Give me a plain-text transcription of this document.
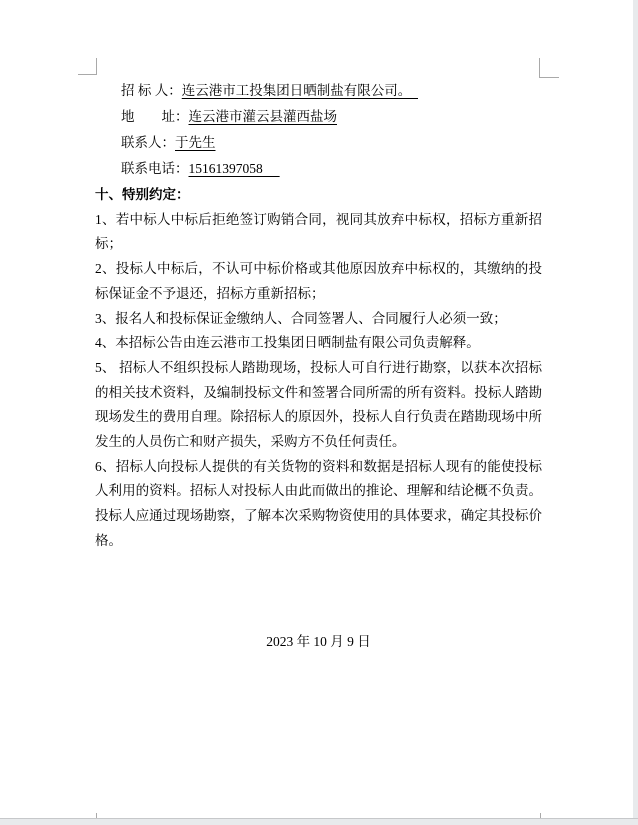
招 标 人：连云港市工投集团日晒制盐有限公司。　
地　　址：连云港市灌云县灌西盐场
联系人：于先生
联系电话：15161397058　
十、特别约定：
1、若中标人中标后拒绝签订购销合同，视同其放弃中标权，招标方重新招标；
2、投标人中标后，不认可中标价格或其他原因放弃中标权的，其缴纳的投标保证金不予退还，招标方重新招标；
3、报名人和投标保证金缴纳人、合同签署人、合同履行人必须一致；
4、本招标公告由连云港市工投集团日晒制盐有限公司负责解释。
5、 招标人不组织投标人踏勘现场，投标人可自行进行勘察，以获本次招标的相关技术资料，及编制投标文件和签署合同所需的所有资料。投标人踏勘现场发生的费用自理。除招标人的原因外，投标人自行负责在踏勘现场中所发生的人员伤亡和财产损失，采购方不负任何责任。
6、招标人向投标人提供的有关货物的资料和数据是招标人现有的能使投标人利用的资料。招标人对投标人由此而做出的推论、理解和结论概不负责。投标人应通过现场勘察，了解本次采购物资使用的具体要求，确定其投标价格。
2023 年 10 月 9 日
